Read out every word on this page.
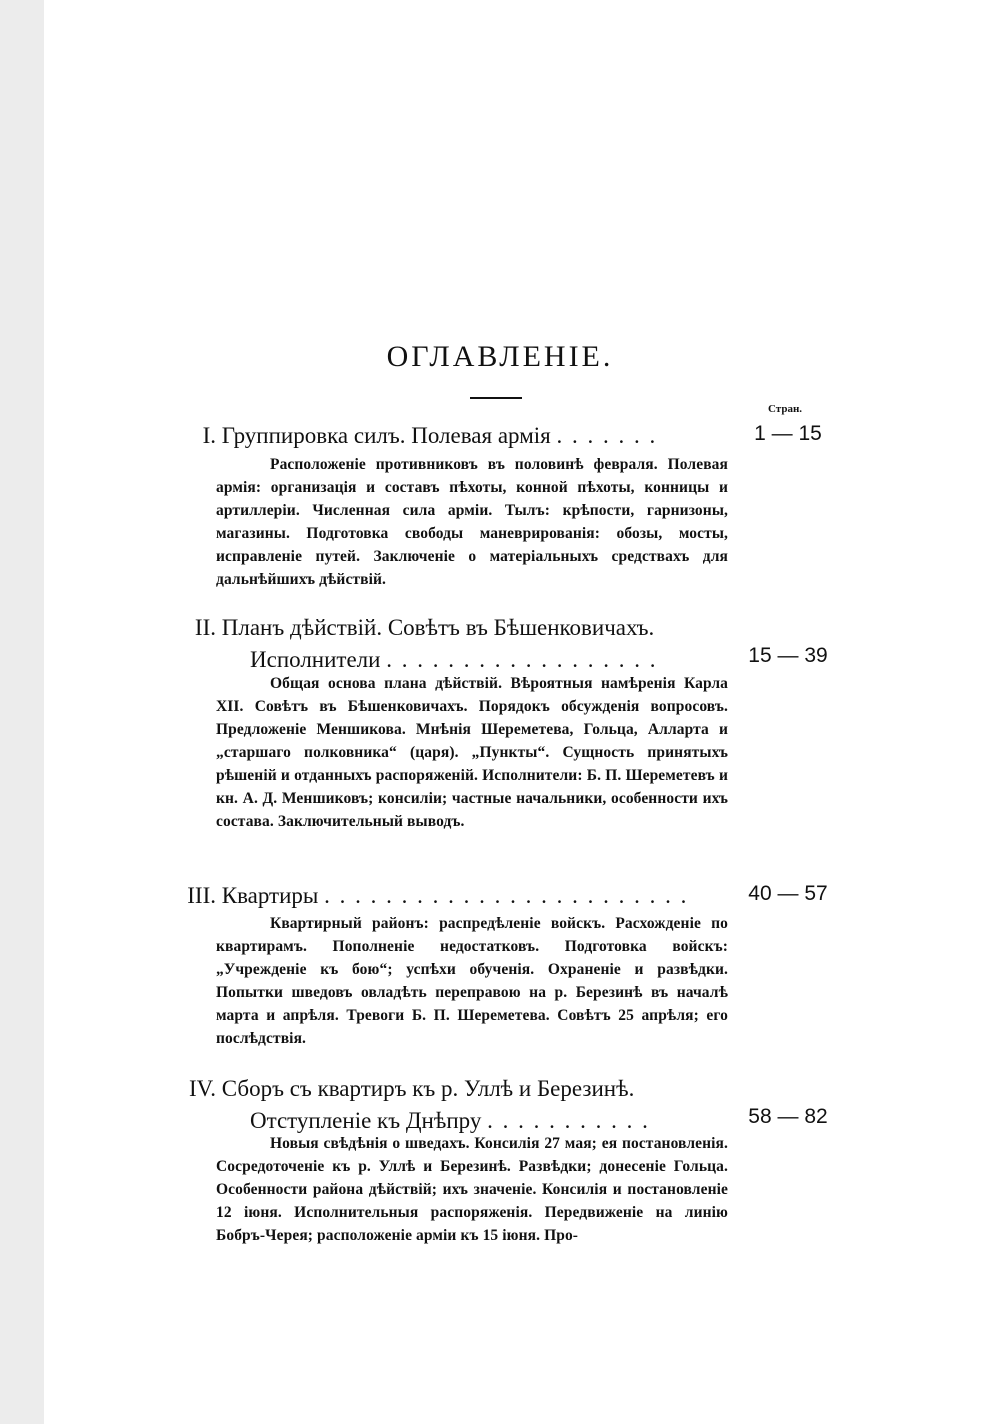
ОГЛАВЛЕНІЕ.
Стран.
I. Группировка силъ. Полевая армія . . . . . . .	1 — 15
Расположеніе противниковъ въ половинѣ февраля. Полевая армія: организація и составъ пѣхоты, конной пѣхоты, конницы и артиллеріи. Численная сила арміи. Тылъ: крѣпости, гарнизоны, магазины. Подготовка свободы маневрированія: обозы, мосты, исправленіе путей. Заключеніе о матеріальныхъ средствахъ для дальнѣйшихъ дѣйствій.
II. Планъ дѣйствій. Совѣтъ въ Бѣшенковичахъ.
Исполнители . . . . . . . . . . . . . . . . . .	15 — 39
Общая основа плана дѣйствій. Вѣроятныя намѣренія Карла XII. Совѣтъ въ Бѣшенковичахъ. Порядокъ обсужденія вопросовъ. Предложеніе Меншикова. Мнѣнія Шереметева, Гольца, Алларта и „старшаго полковника“ (царя). „Пункты“. Сущность принятыхъ рѣшеній и отданныхъ распоряженій. Исполнители: Б. П. Шереметевъ и кн. А. Д. Меншиковъ; консиліи; частные начальники, особенности ихъ состава. Заключительный выводъ.
III. Квартиры . . . . . . . . . . . . . . . . . . . . . . . .	40 — 57
Квартирный районъ: распредѣленіе войскъ. Расхожденіе по квартирамъ. Пополненіе недостатковъ. Подготовка войскъ: „Учрежденіе къ бою“; успѣхи обученія. Охраненіе и развѣдки. Попытки шведовъ овладѣть переправою на р. Березинѣ въ началѣ марта и апрѣля. Тревоги Б. П. Шереметева. Совѣтъ 25 апрѣля; его послѣдствія.
IV. Сборъ съ квартиръ къ р. Уллѣ и Березинѣ.
Отступленіе къ Днѣпру . . . . . . . . . . .	58 — 82
Новыя свѣдѣнія о шведахъ. Консилія 27 мая; ея постановленія. Сосредоточеніе къ р. Уллѣ и Березинѣ. Развѣдки; донесеніе Гольца. Особенности района дѣйствій; ихъ значеніе. Консилія и постановленіе 12 іюня. Исполнительныя распоряженія. Передвиженіе на линію Бобръ-Черея; расположеніе арміи къ 15 іюня. Про-
